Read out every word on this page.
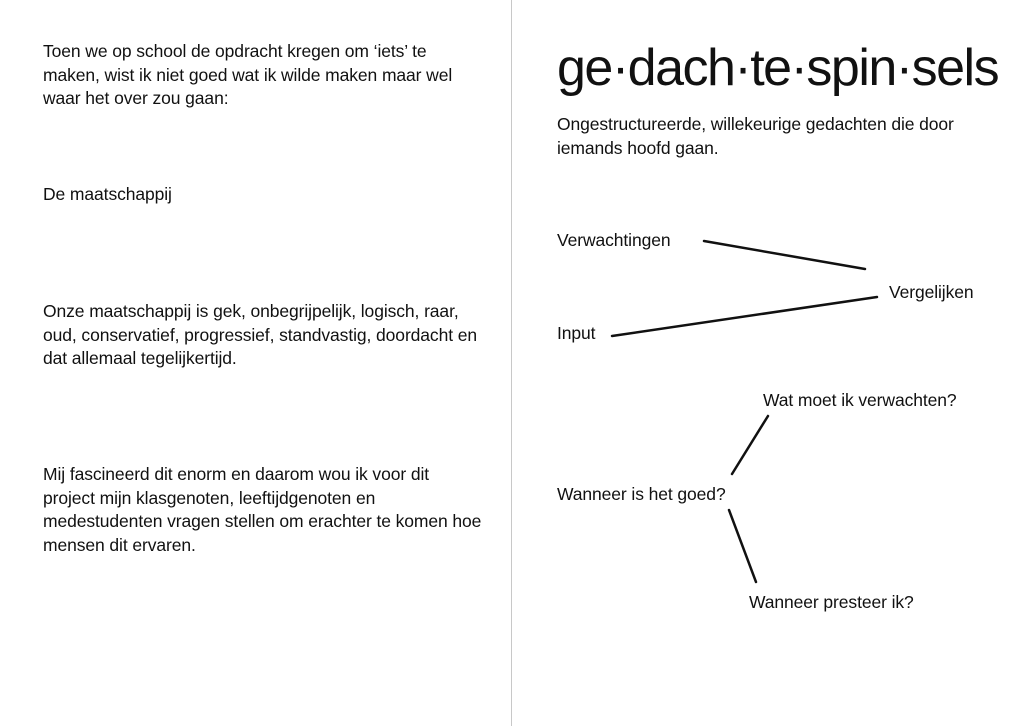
Toen we op school de opdracht kregen om ‘iets’ te maken, wist ik niet goed wat ik wilde maken maar wel waar het over zou gaan:

De maatschappij

Onze maatschappij is gek, onbegrijpelijk, logisch, raar, oud, conservatief, progressief, standvastig, doordacht en dat allemaal tegelijkertijd.

Mij fascineerd dit enorm en daarom wou ik voor dit project mijn klasgenoten, leeftijdgenoten en medestudenten vragen stellen om erachter te komen hoe mensen dit ervaren.

ge·dach·te·spin·sels

Ongestructureerde, willekeurige gedachten die door iemands hoofd gaan.

Verwachtingen
Vergelijken
Input
Wat moet ik verwachten?
Wanneer is het goed?
Wanneer presteer ik?
